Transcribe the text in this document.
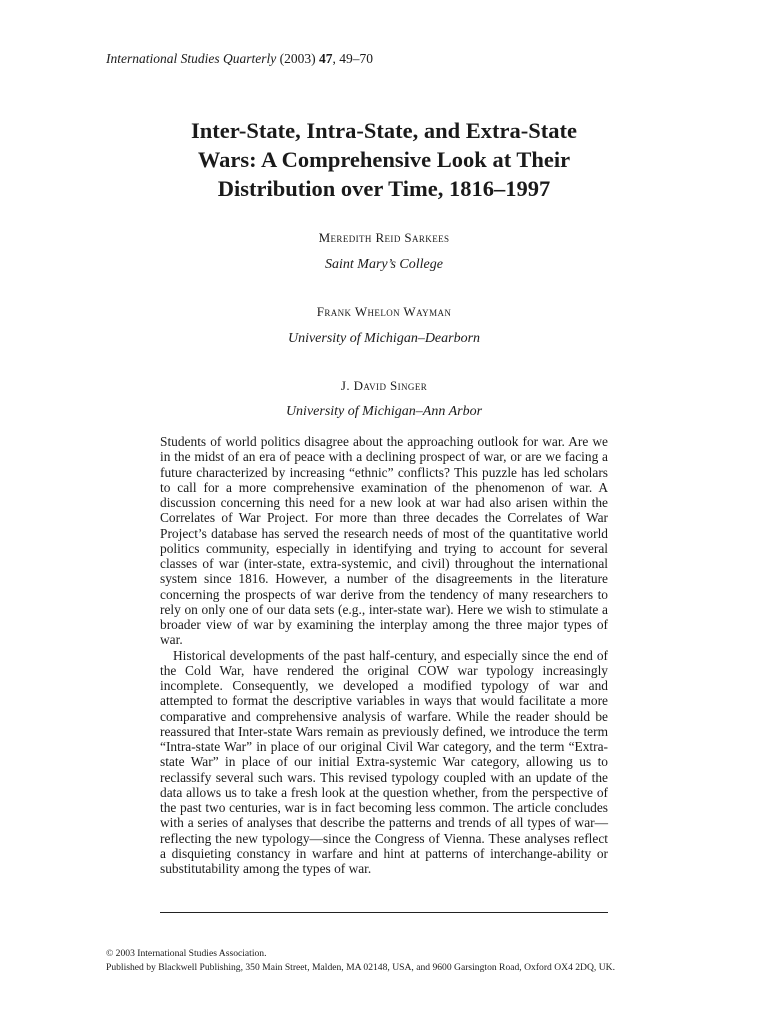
International Studies Quarterly (2003) 47, 49–70
Inter-State, Intra-State, and Extra-State
Wars: A Comprehensive Look at Their
Distribution over Time, 1816–1997
Meredith Reid Sarkees
Saint Mary’s College
Frank Whelon Wayman
University of Michigan–Dearborn
J. David Singer
University of Michigan–Ann Arbor

Students of world politics disagree about the approaching outlook for war. Are we in the midst of an era of peace with a declining prospect of war, or are we facing a future characterized by increasing “ethnic” conflicts? This puzzle has led scholars to call for a more comprehensive examination of the phenomenon of war. A discussion concerning this need for a new look at war had also arisen within the Correlates of War Project. For more than three decades the Correlates of War Project’s database has served the research needs of most of the quantitative world politics community, especially in identifying and trying to account for several classes of war (inter-state, extra-systemic, and civil) throughout the international system since 1816. However, a number of the disagreements in the literature concerning the prospects of war derive from the tendency of many researchers to rely on only one of our data sets (e.g., inter-state war). Here we wish to stimulate a broader view of war by examining the interplay among the three major types of war.

Historical developments of the past half-century, and especially since the end of the Cold War, have rendered the original COW war typology increasingly incomplete. Consequently, we developed a modified typology of war and attempted to format the descriptive variables in ways that would facilitate a more comparative and comprehensive analysis of warfare. While the reader should be reassured that Inter-state Wars remain as previously defined, we introduce the term “Intra-state War” in place of our original Civil War category, and the term “Extra-state War” in place of our initial Extra-systemic War category, allowing us to reclassify several such wars. This revised typology coupled with an update of the data allows us to take a fresh look at the question whether, from the perspective of the past two centuries, war is in fact becoming less common. The article concludes with a series of analyses that describe the patterns and trends of all types of war—reflecting the new typology—since the Congress of Vienna. These analyses reflect a disquieting constancy in warfare and hint at patterns of interchange-ability or substitutability among the types of war.

© 2003 International Studies Association.
Published by Blackwell Publishing, 350 Main Street, Malden, MA 02148, USA, and 9600 Garsington Road, Oxford OX4 2DQ, UK.
